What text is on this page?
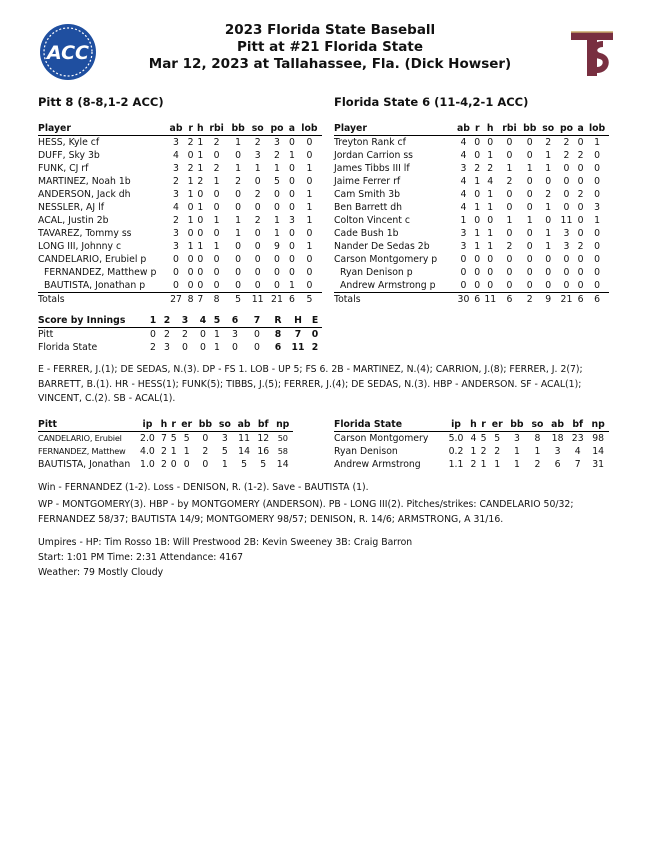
2023 Florida State Baseball
Pitt at #21 Florida State
Mar 12, 2023 at Tallahassee, Fla. (Dick Howser)
ACC
Pitt 8 (8-8,1-2 ACC)	Florida State 6 (11-4,2-1 ACC)
Player	ab	r	h	rbi	bb	so	po	a	lob
HESS, Kyle cf	3	2	1	2	1	2	3	0	0
DUFF, Sky 3b	4	0	1	0	0	3	2	1	0
FUNK, CJ rf	3	2	1	2	1	1	1	0	1
MARTINEZ, Noah 1b	2	1	2	1	2	0	5	0	0
ANDERSON, Jack dh	3	1	0	0	0	2	0	0	1
NESSLER, AJ lf	4	0	1	0	0	0	0	0	1
ACAL, Justin 2b	2	1	0	1	1	2	1	3	1
TAVAREZ, Tommy ss	3	0	0	0	1	0	1	0	0
LONG III, Johnny c	3	1	1	1	0	0	9	0	1
CANDELARIO, Erubiel p	0	0	0	0	0	0	0	0	0
FERNANDEZ, Matthew p	0	0	0	0	0	0	0	0	0
BAUTISTA, Jonathan p	0	0	0	0	0	0	0	1	0
Totals	27	8	7	8	5	11	21	6	5
Player	ab	r	h	rbi	bb	so	po	a	lob
Treyton Rank cf	4	0	0	0	0	2	2	0	1
Jordan Carrion ss	4	0	1	0	0	1	2	2	0
James Tibbs III lf	3	2	2	1	1	1	0	0	0
Jaime Ferrer rf	4	1	4	2	0	0	0	0	0
Cam Smith 3b	4	0	1	0	0	2	0	2	0
Ben Barrett dh	4	1	1	0	0	1	0	0	3
Colton Vincent c	1	0	0	1	1	0	11	0	1
Cade Bush 1b	3	1	1	0	0	1	3	0	0
Nander De Sedas 2b	3	1	1	2	0	1	3	2	0
Carson Montgomery p	0	0	0	0	0	0	0	0	0
Ryan Denison p	0	0	0	0	0	0	0	0	0
Andrew Armstrong p	0	0	0	0	0	0	0	0	0
Totals	30	6	11	6	2	9	21	6	6
Score by Innings	1	2	3	4	5	6	7	R	H	E
Pitt	0	2	2	0	1	3	0	8	7	0
Florida State	2	3	0	0	1	0	0	6	11	2
E - FERRER, J.(1); DE SEDAS, N.(3). DP - FS 1. LOB - UP 5; FS 6. 2B - MARTINEZ, N.(4); CARRION, J.(8); FERRER, J. 2(7); BARRETT, B.(1). HR - HESS(1); FUNK(5); TIBBS, J.(5); FERRER, J.(4); DE SEDAS, N.(3). HBP - ANDERSON. SF - ACAL(1); VINCENT, C.(2). SB - ACAL(1).
Pitt	ip	h	r	er	bb	so	ab	bf	np
CANDELARIO, Erubiel	2.0	7	5	5	0	3	11	12	50
FERNANDEZ, Matthew	4.0	2	1	1	2	5	14	16	58
BAUTISTA, Jonathan	1.0	2	0	0	0	1	5	5	14
Florida State	ip	h	r	er	bb	so	ab	bf	np
Carson Montgomery	5.0	4	5	5	3	8	18	23	98
Ryan Denison	0.2	1	2	2	1	1	3	4	14
Andrew Armstrong	1.1	2	1	1	1	2	6	7	31
Win - FERNANDEZ (1-2). Loss - DENISON, R. (1-2). Save - BAUTISTA (1).
WP - MONTGOMERY(3). HBP - by MONTGOMERY (ANDERSON). PB - LONG III(2). Pitches/strikes: CANDELARIO 50/32; FERNANDEZ 58/37; BAUTISTA 14/9; MONTGOMERY 98/57; DENISON, R. 14/6; ARMSTRONG, A 31/16.
Umpires - HP: Tim Rosso 1B: Will Prestwood 2B: Kevin Sweeney 3B: Craig Barron
Start: 1:01 PM Time: 2:31 Attendance: 4167
Weather: 79 Mostly Cloudy
